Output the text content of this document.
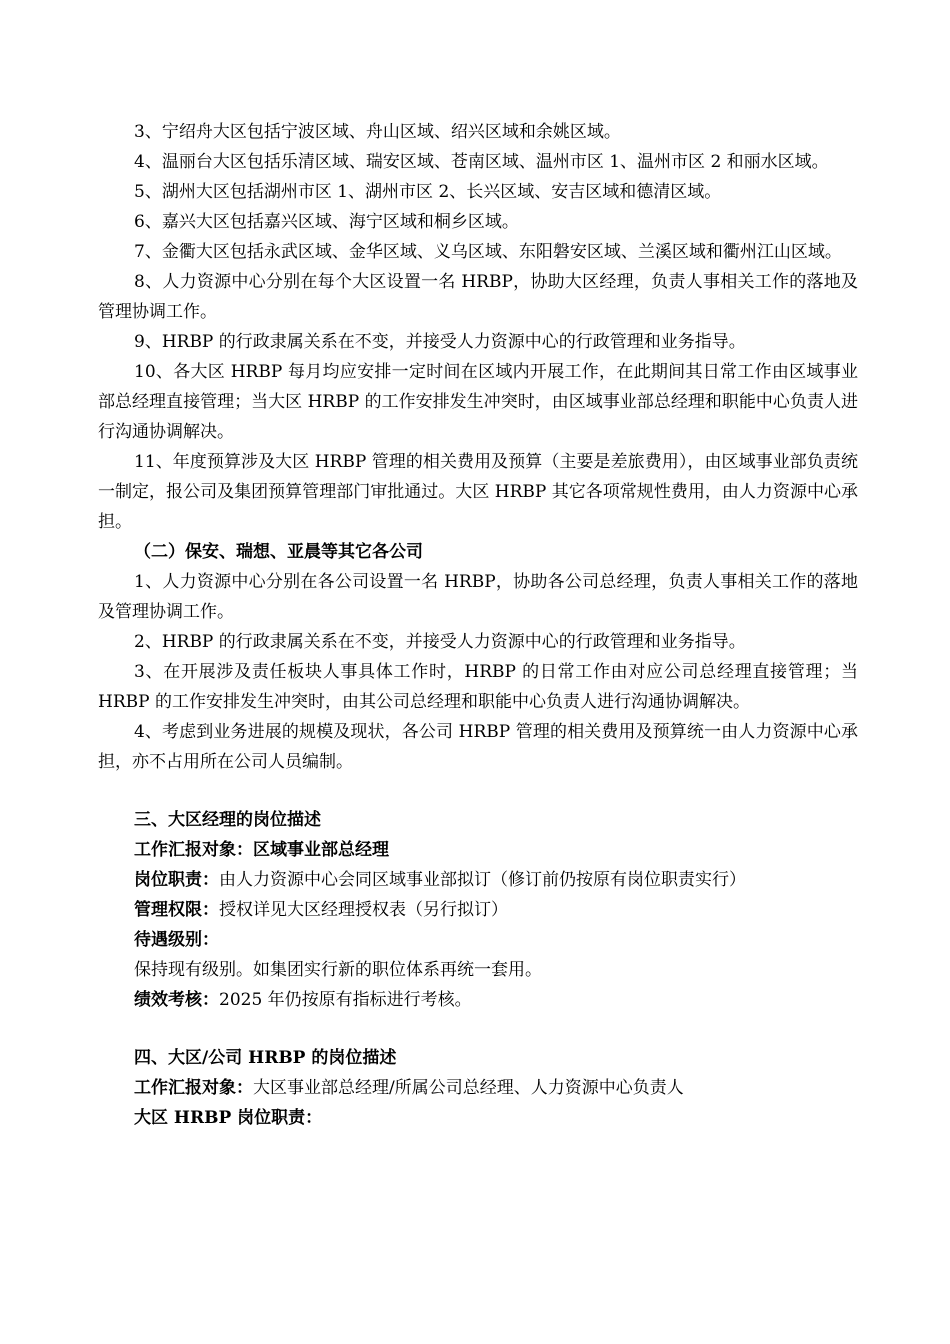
3、宁绍舟大区包括宁波区域、舟山区域、绍兴区域和余姚区域。

4、温丽台大区包括乐清区域、瑞安区域、苍南区域、温州市区 1、温州市区 2 和丽水区域。

5、湖州大区包括湖州市区 1、湖州市区 2、长兴区域、安吉区域和德清区域。

6、嘉兴大区包括嘉兴区域、海宁区域和桐乡区域。

7、金衢大区包括永武区域、金华区域、义乌区域、东阳磐安区域、兰溪区域和衢州江山区域。

8、人力资源中心分别在每个大区设置一名 HRBP，协助大区经理，负责人事相关工作的落地及管理协调工作。

9、HRBP 的行政隶属关系在不变，并接受人力资源中心的行政管理和业务指导。

10、各大区 HRBP 每月均应安排一定时间在区域内开展工作，在此期间其日常工作由区域事业部总经理直接管理；当大区 HRBP 的工作安排发生冲突时，由区域事业部总经理和职能中心负责人进行沟通协调解决。

11、年度预算涉及大区 HRBP 管理的相关费用及预算（主要是差旅费用），由区域事业部负责统一制定，报公司及集团预算管理部门审批通过。大区 HRBP 其它各项常规性费用，由人力资源中心承担。

（二）保安、瑞想、亚晨等其它各公司

1、人力资源中心分别在各公司设置一名 HRBP，协助各公司总经理，负责人事相关工作的落地及管理协调工作。

2、HRBP 的行政隶属关系在不变，并接受人力资源中心的行政管理和业务指导。

3、在开展涉及责任板块人事具体工作时，HRBP 的日常工作由对应公司总经理直接管理；当 HRBP 的工作安排发生冲突时，由其公司总经理和职能中心负责人进行沟通协调解决。

4、考虑到业务进展的规模及现状，各公司 HRBP 管理的相关费用及预算统一由人力资源中心承担，亦不占用所在公司人员编制。

三、大区经理的岗位描述

工作汇报对象：区域事业部总经理

岗位职责：由人力资源中心会同区域事业部拟订（修订前仍按原有岗位职责实行）

管理权限：授权详见大区经理授权表（另行拟订）

待遇级别：

保持现有级别。如集团实行新的职位体系再统一套用。

绩效考核：2025 年仍按原有指标进行考核。

四、大区/公司 HRBP 的岗位描述

工作汇报对象：大区事业部总经理/所属公司总经理、人力资源中心负责人

大区 HRBP 岗位职责：
